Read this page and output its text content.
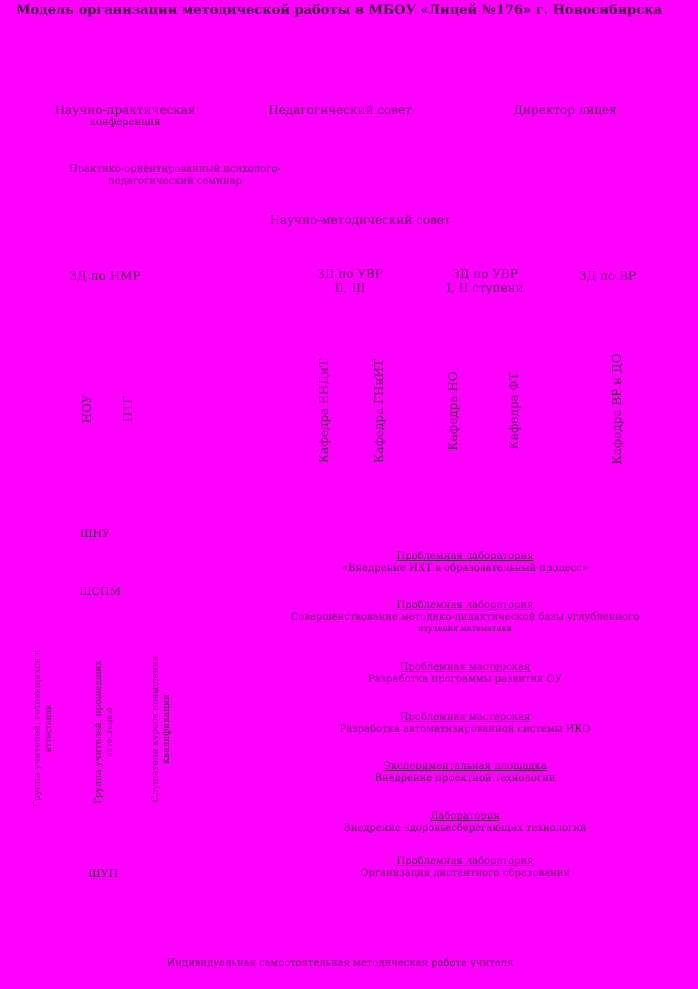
Модель организации методической работы в МБОУ «Лицей №176» г. Новосибирска
Научно-практическая
конференция
Педагогический совет	Директор лицея
Практико-ориентированный психолого-
педагогический семинар
Научно-методический совет
ЗД по НМР	ЗД по УВР
II, III
ЗД по УВР
I, II ступени
ЗД по ВР
НОУ ПТГ	Кафедра ЕНДиТ	Кафедра ГНиИТ	Кафедра НО	Кафедра ФТ	Кафедра ВР и ДО
ШНУ
ШСПМ
ШУП
Группа учителей, готовящихся к аттестации	Группа учителей, прошедших аттестацию	Слушатели курсов повышения квалификации
Проблемная лаборатория
«Внедрение ИКТ в образовательный процесс»
Проблемная лаборатория
Совершенствование методико-дидактической базы углубленного
изучения математики
Проблемная мастерская
Разработка программы развития ОУ
Проблемная мастерская
Разработка автоматизированной системы ИКО
Экспериментальная площадка
Внедрение проектной технологии
Лаборатория
Внедрение здоровьесберегающих технологий
Проблемная лаборатория
Организация дистантного образования
Индивидуальная самостоятельная методическая работа учителя
